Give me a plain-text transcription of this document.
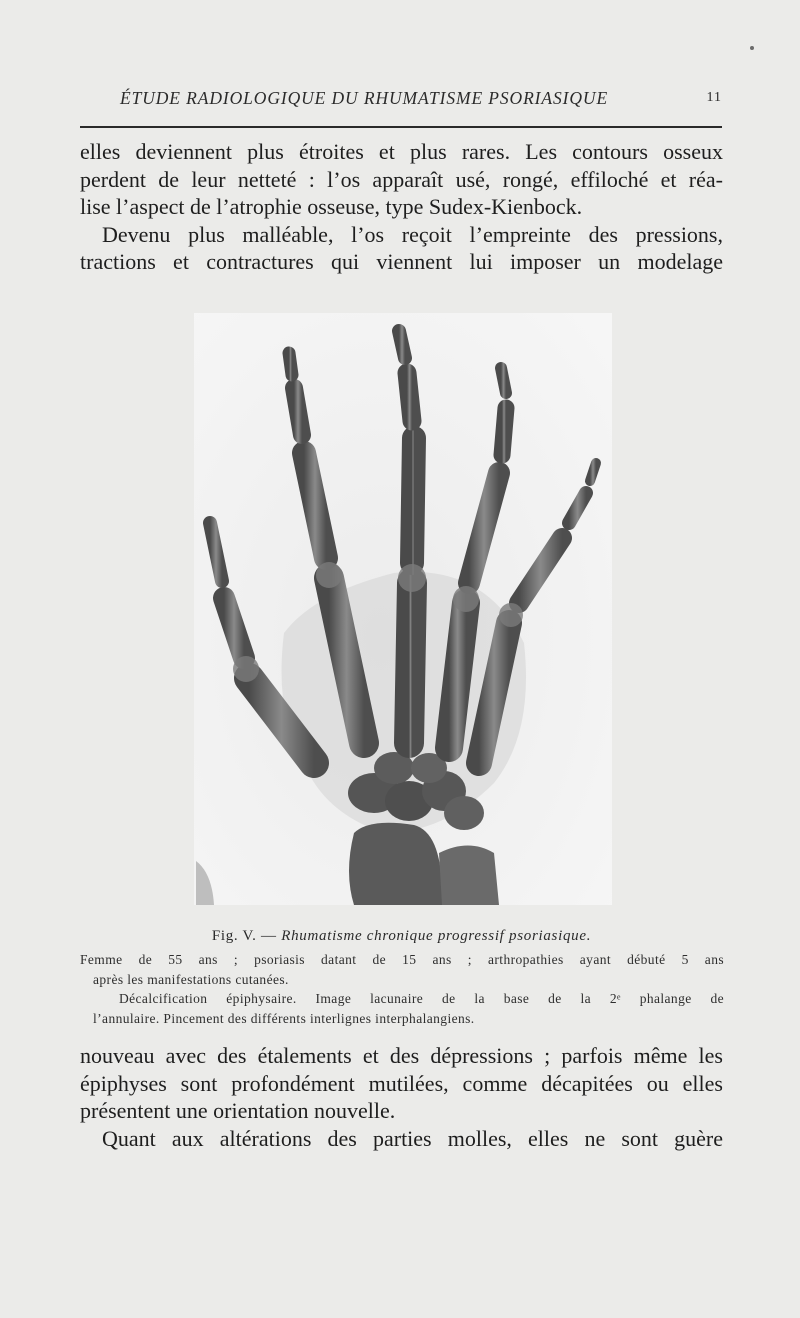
ÉTUDE RADIOLOGIQUE DU RHUMATISME PSORIASIQUE	11

elles deviennent plus étroites et plus rares. Les contours osseux
perdent de leur netteté : l’os apparaît usé, rongé, effiloché et réa-
lise l’aspect de l’atrophie osseuse, type Sudex-Kienbock.
Devenu plus malléable, l’os reçoit l’empreinte des pressions,
tractions et contractures qui viennent lui imposer un modelage

Fig. V. — Rhumatisme chronique progressif psoriasique.
Femme de 55 ans ; psoriasis datant de 15 ans ; arthropathies ayant débuté 5 ans
après les manifestations cutanées.
Décalcification épiphysaire. Image lacunaire de la base de la 2ᵉ phalange de
l’annulaire. Pincement des différents interlignes interphalangiens.

nouveau avec des étalements et des dépressions ; parfois même les
épiphyses sont profondément mutilées, comme décapitées ou elles
présentent une orientation nouvelle.
Quant aux altérations des parties molles, elles ne sont guère
